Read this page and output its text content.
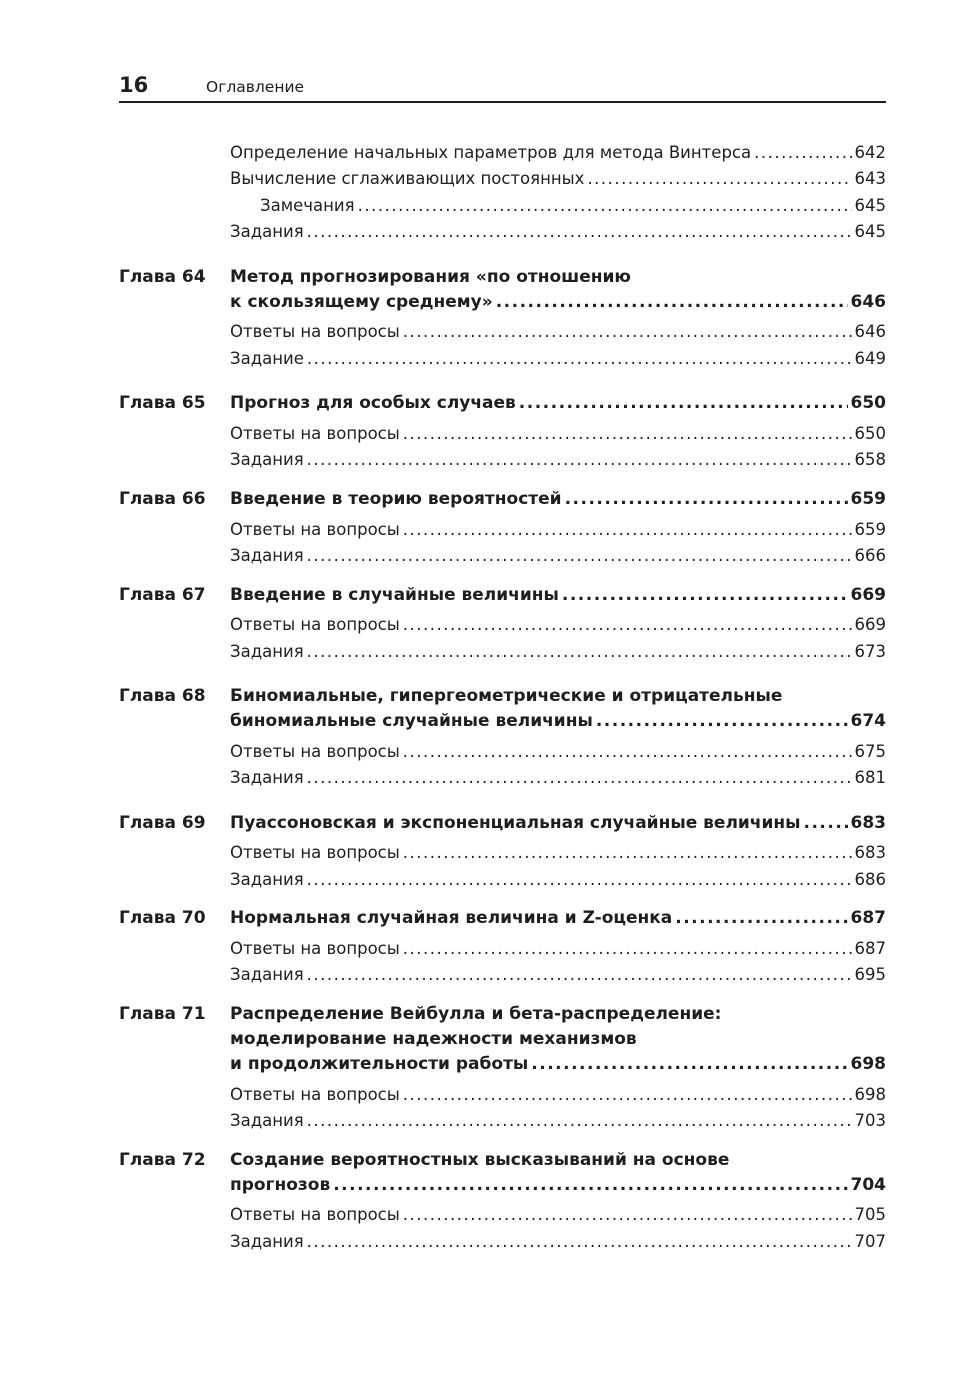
16	Оглавление
Определение начальных параметров для метода Винтерса .....	642
Вычисление сглаживающих постоянных .....	643
Замечания .....	645
Задания .....	645
Глава 64 Метод прогнозирования «по отношению
к скользящему среднему» .....	646
Ответы на вопросы .....	646
Задание .....	649
Глава 65 Прогноз для особых случаев .....	650
Ответы на вопросы .....	650
Задания .....	658
Глава 66 Введение в теорию вероятностей .....	659
Ответы на вопросы .....	659
Задания .....	666
Глава 67 Введение в случайные величины .....	669
Ответы на вопросы .....	669
Задания .....	673
Глава 68 Биномиальные, гипергеометрические и отрицательные
биномиальные случайные величины .....	674
Ответы на вопросы .....	675
Задания .....	681
Глава 69 Пуассоновская и экспоненциальная случайные величины .....	683
Ответы на вопросы .....	683
Задания .....	686
Глава 70 Нормальная случайная величина и Z-оценка .....	687
Ответы на вопросы .....	687
Задания .....	695
Глава 71 Распределение Вейбулла и бета-распределение:
моделирование надежности механизмов
и продолжительности работы .....	698
Ответы на вопросы .....	698
Задания .....	703
Глава 72 Создание вероятностных высказываний на основе
прогнозов .....	704
Ответы на вопросы .....	705
Задания .....	707
